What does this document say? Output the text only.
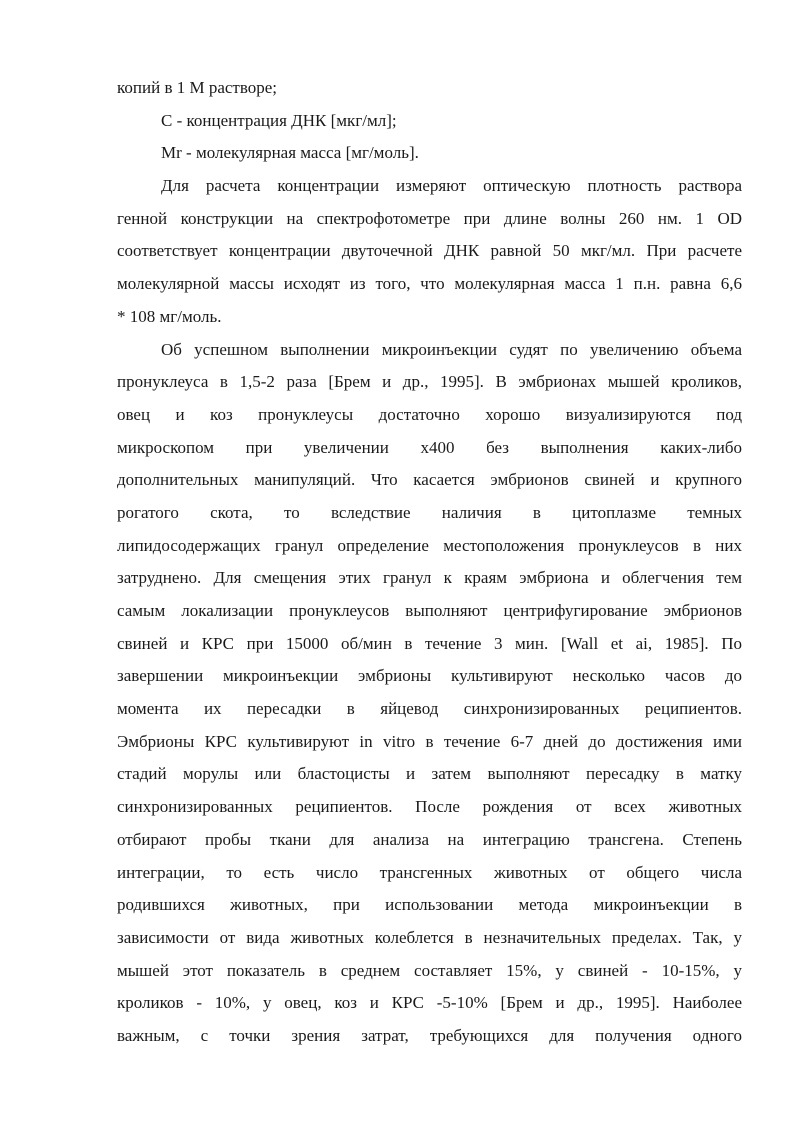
копий в 1 М растворе;
С - концентрация ДНК [мкг/мл];
Mr - молекулярная масса [мг/моль].
Для расчета концентрации измеряют оптическую плотность раствора
генной конструкции на спектрофотометре при длине волны 260 нм. 1 OD
соответствует концентрации двуточечной ДНК равной 50 мкг/мл. При расчете
молекулярной массы исходят из того, что молекулярная масса 1 п.н. равна 6,6
* 108 мг/моль.
Об успешном выполнении микроинъекции судят по увеличению объема
пронуклеуса в 1,5-2 раза [Брем и др., 1995]. В эмбрионах мышей кроликов,
овец и коз пронуклеусы достаточно хорошо визуализируются под
микроскопом при увеличении х400 без выполнения каких-либо
дополнительных манипуляций. Что касается эмбрионов свиней и крупного
рогатого скота, то вследствие наличия в цитоплазме темных
липидосодержащих гранул определение местоположения пронуклеусов в них
затруднено. Для смещения этих гранул к краям эмбриона и облегчения тем
самым локализации пронуклеусов выполняют центрифугирование эмбрионов
свиней и КРС при 15000 об/мин в течение 3 мин. [Wall et ai, 1985]. По
завершении микроинъекции эмбрионы культивируют несколько часов до
момента их пересадки в яйцевод синхронизированных реципиентов.
Эмбрионы КРС культивируют in vitro в течение 6-7 дней до достижения ими
стадий морулы или бластоцисты и затем выполняют пересадку в матку
синхронизированных реципиентов. После рождения от всех животных
отбирают пробы ткани для анализа на интеграцию трансгена. Степень
интеграции, то есть число трансгенных животных от общего числа
родившихся животных, при использовании метода микроинъекции в
зависимости от вида животных колеблется в незначительных пределах. Так, у
мышей этот показатель в среднем составляет 15%, у свиней - 10-15%, у
кроликов - 10%, у овец, коз и КРС -5-10% [Брем и др., 1995]. Наиболее
важным, с точки зрения затрат, требующихся для получения одного
